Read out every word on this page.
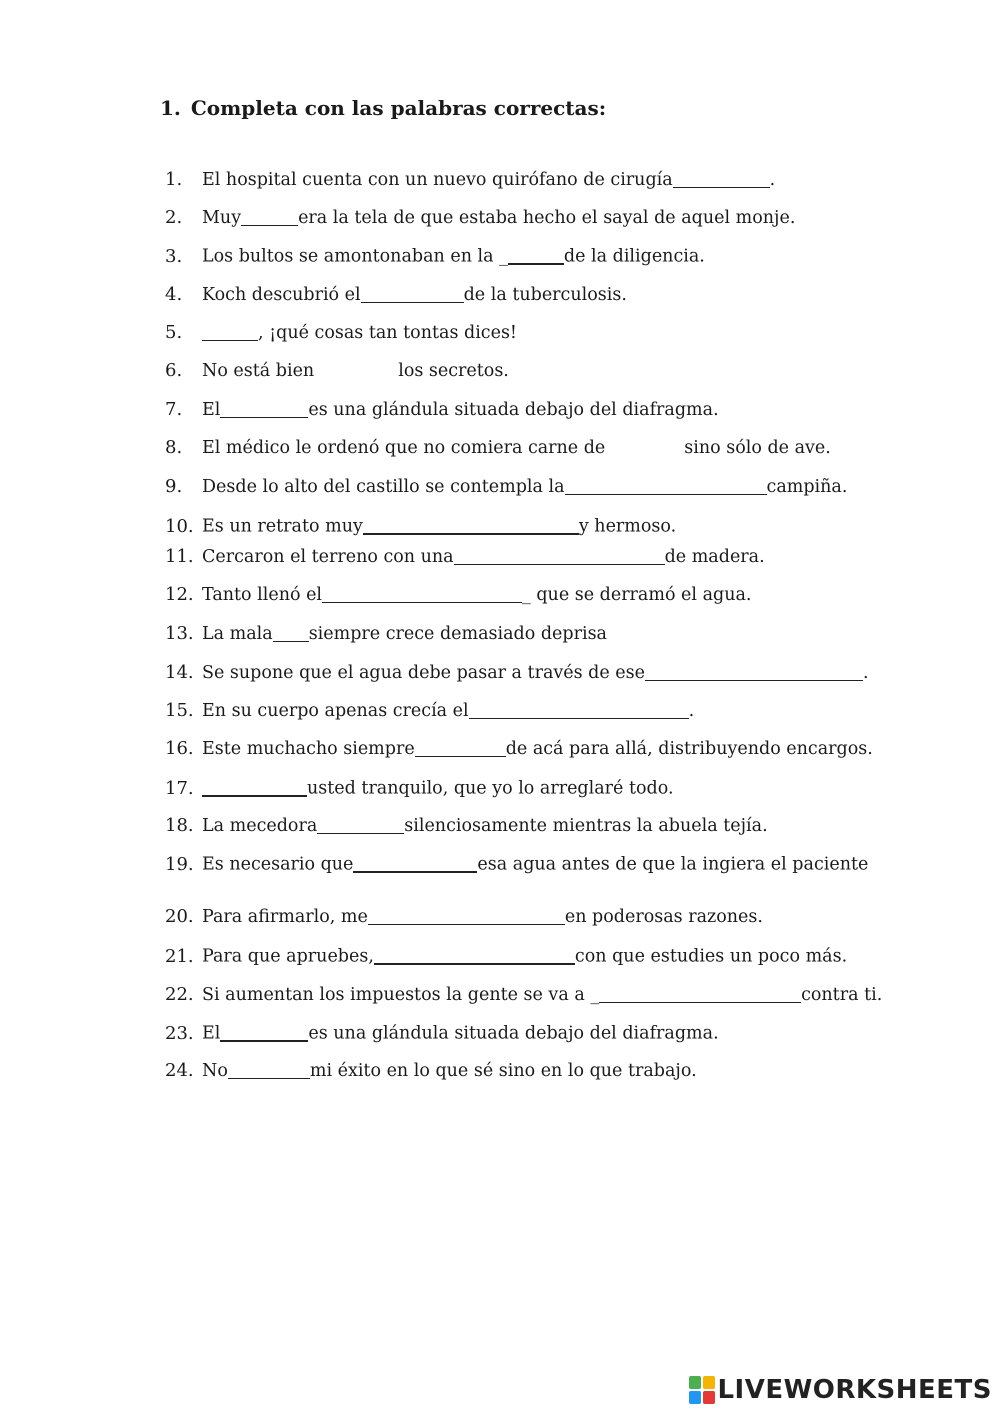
1. Completa con las palabras correctas:
1. El hospital cuenta con un nuevo quirófano de cirugía	.
2. Muy	era la tela de que estaba hecho el sayal de aquel monje.
3. Los bultos se amontonaban en la _	de la diligencia.
4. Koch descubrió el	de la tuberculosis.
5.	, ¡qué cosas tan tontas dices!
6. No está bien	los secretos.
7. El	es una glándula situada debajo del diafragma.
8. El médico le ordenó que no comiera carne de	sino sólo de ave.
9. Desde lo alto del castillo se contempla la	campiña.
10. Es un retrato muy	y hermoso.
11. Cercaron el terreno con una	de madera.
12. Tanto llenó el	_ que se derramó el agua.
13. La mala siempre crece demasiado deprisa
14. Se supone que el agua debe pasar a través de ese	.
15. En su cuerpo apenas crecía el	.
16. Este muchacho siempre	de acá para allá, distribuyendo encargos.
17.	usted tranquilo, que yo lo arreglaré todo.
18. La mecedora	silenciosamente mientras la abuela tejía.
19. Es necesario que	esa agua antes de que la ingiera el paciente
20. Para afirmarlo, me	en poderosas razones.
21. Para que apruebes,	con que estudies un poco más.
22. Si aumentan los impuestos la gente se va a _	contra ti.
23. El	es una glándula situada debajo del diafragma.
24. No	mi éxito en lo que sé sino en lo que trabajo.
LIVEWORKSHEETS
